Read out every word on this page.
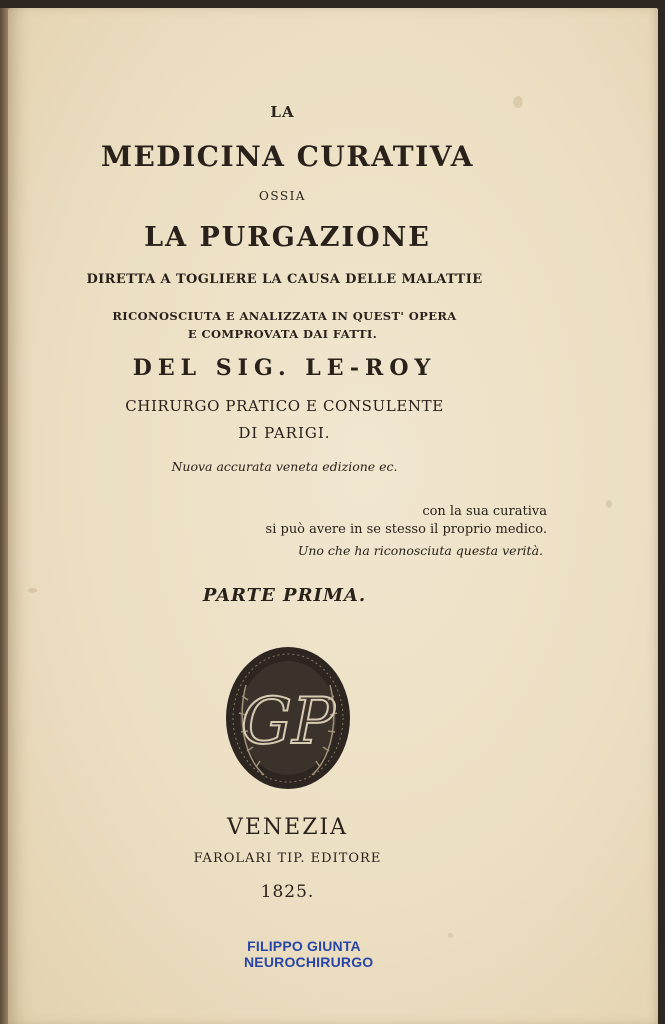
LA
MEDICINA CURATIVA
OSSIA
LA PURGAZIONE
DIRETTA A TOGLIERE LA CAUSA DELLE MALATTIE
RICONOSCIUTA E ANALIZZATA IN QUEST' OPERA
E COMPROVATA DAI FATTI.
DEL SIG. LE-ROY
CHIRURGO PRATICO E CONSULENTE
DI PARIGI.
Nuova accurata veneta edizione ec.
con la sua curativa
si può avere in se stesso il proprio medico.
Uno che ha riconosciuta questa verità.
PARTE PRIMA.
GP
VENEZIA
FAROLARI TIP. EDITORE
1825.
FILIPPO GIUNTA
NEUROCHIRURGO
